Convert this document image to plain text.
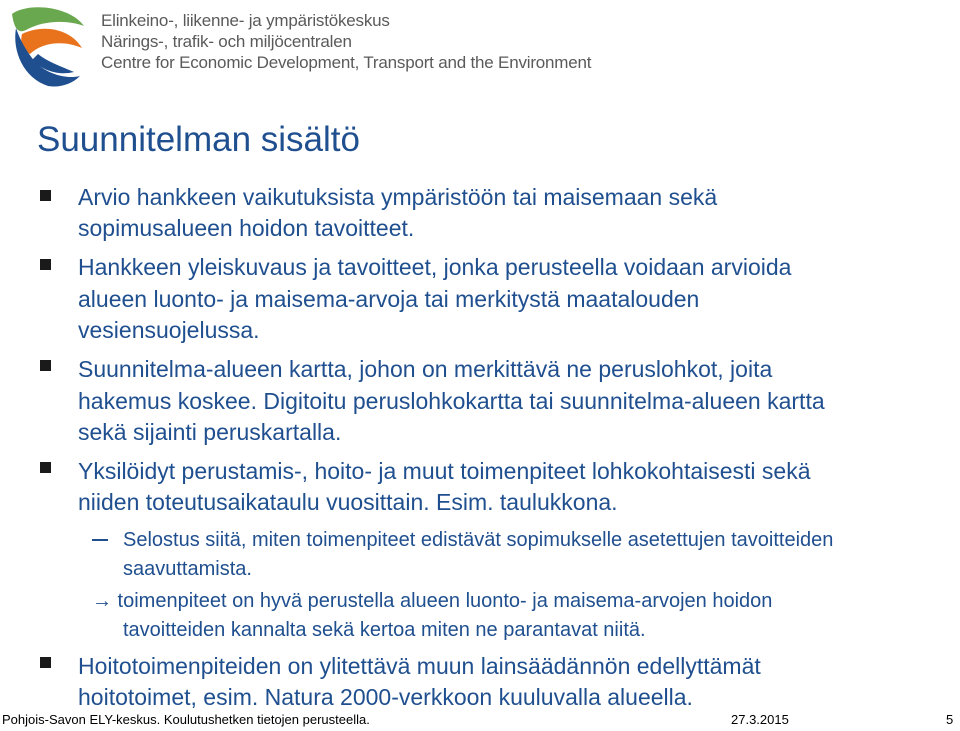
Elinkeino-, liikenne- ja ympäristökeskus
Närings-, trafik- och miljöcentralen
Centre for Economic Development, Transport and the Environment
Suunnitelman sisältö
Arvio hankkeen vaikutuksista ympäristöön tai maisemaan sekä
sopimusalueen hoidon tavoitteet.
Hankkeen yleiskuvaus ja tavoitteet, jonka perusteella voidaan arvioida
alueen luonto- ja maisema-arvoja tai merkitystä maatalouden
vesiensuojelussa.
Suunnitelma-alueen kartta, johon on merkittävä ne peruslohkot, joita
hakemus koskee. Digitoitu peruslohkokartta tai suunnitelma-alueen kartta
sekä sijainti peruskartalla.
Yksilöidyt perustamis-, hoito- ja muut toimenpiteet lohkokohtaisesti sekä
niiden toteutusaikataulu vuosittain. Esim. taulukkona.
Selostus siitä, miten toimenpiteet edistävät sopimukselle asetettujen tavoitteiden
saavuttamista.
→ toimenpiteet on hyvä perustella alueen luonto- ja maisema-arvojen hoidon
tavoitteiden kannalta sekä kertoa miten ne parantavat niitä.
Hoitotoimenpiteiden on ylitettävä muun lainsäädännön edellyttämät
hoitotoimet, esim. Natura 2000-verkkoon kuuluvalla alueella.
Pohjois-Savon ELY-keskus. Koulutushetken tietojen perusteella.	27.3.2015	5
